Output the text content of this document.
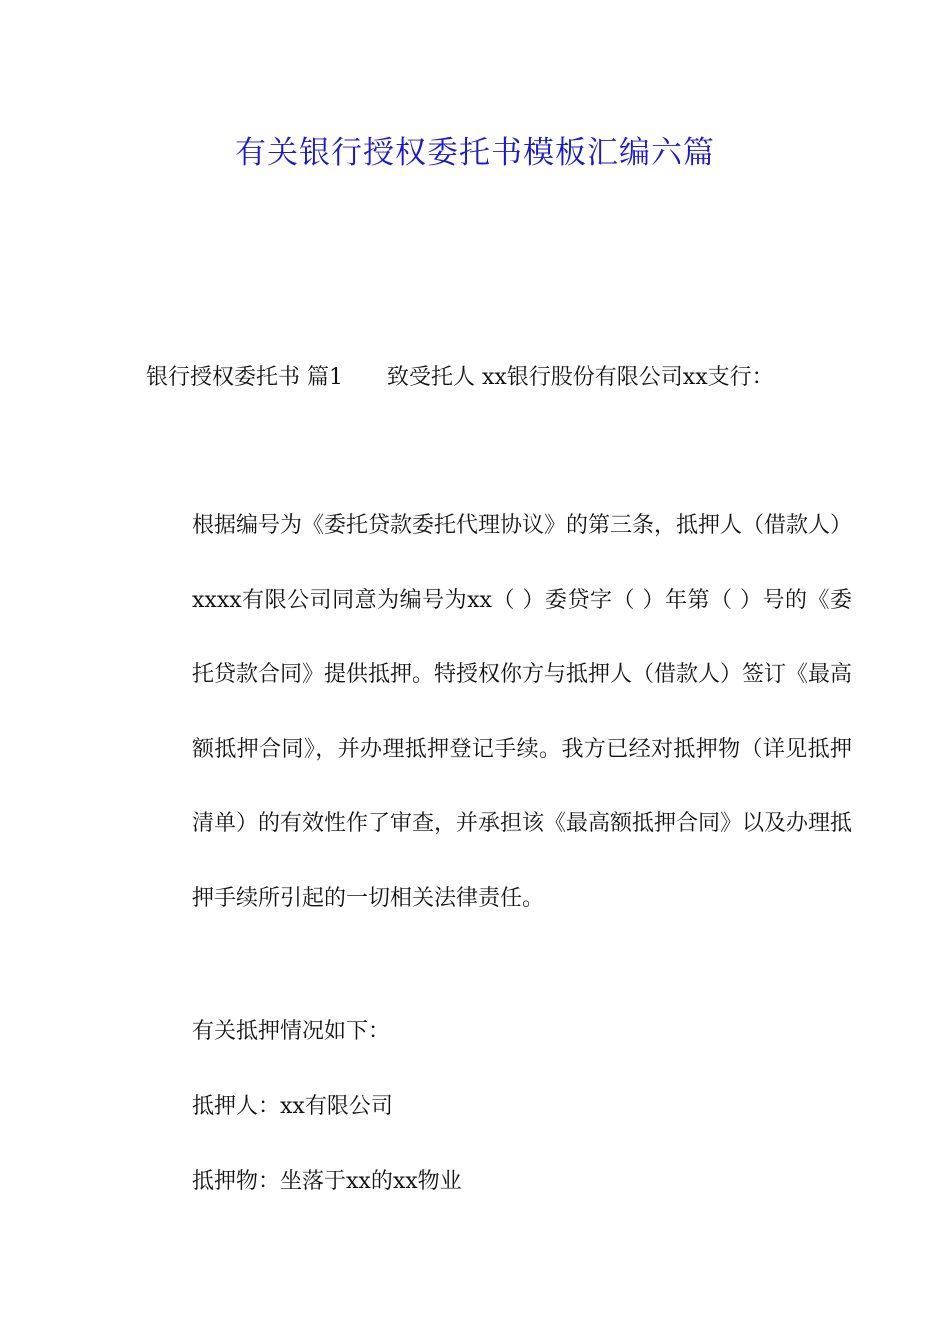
有关银行授权委托书模板汇编六篇
银行授权委托书 篇1　　致受托人 xx银行股份有限公司xx支行：
根据编号为《委托贷款委托代理协议》的第三条，抵押人（借款人）xxxx有限公司同意为编号为xx（ ）委贷字（ ）年第（ ）号的《委托贷款合同》提供抵押。特授权你方与抵押人（借款人）签订《最高额抵押合同》，并办理抵押登记手续。我方已经对抵押物（详见抵押清单）的有效性作了审查，并承担该《最高额抵押合同》以及办理抵押手续所引起的一切相关法律责任。
有关抵押情况如下：
抵押人：xx有限公司
抵押物：坐落于xx的xx物业
